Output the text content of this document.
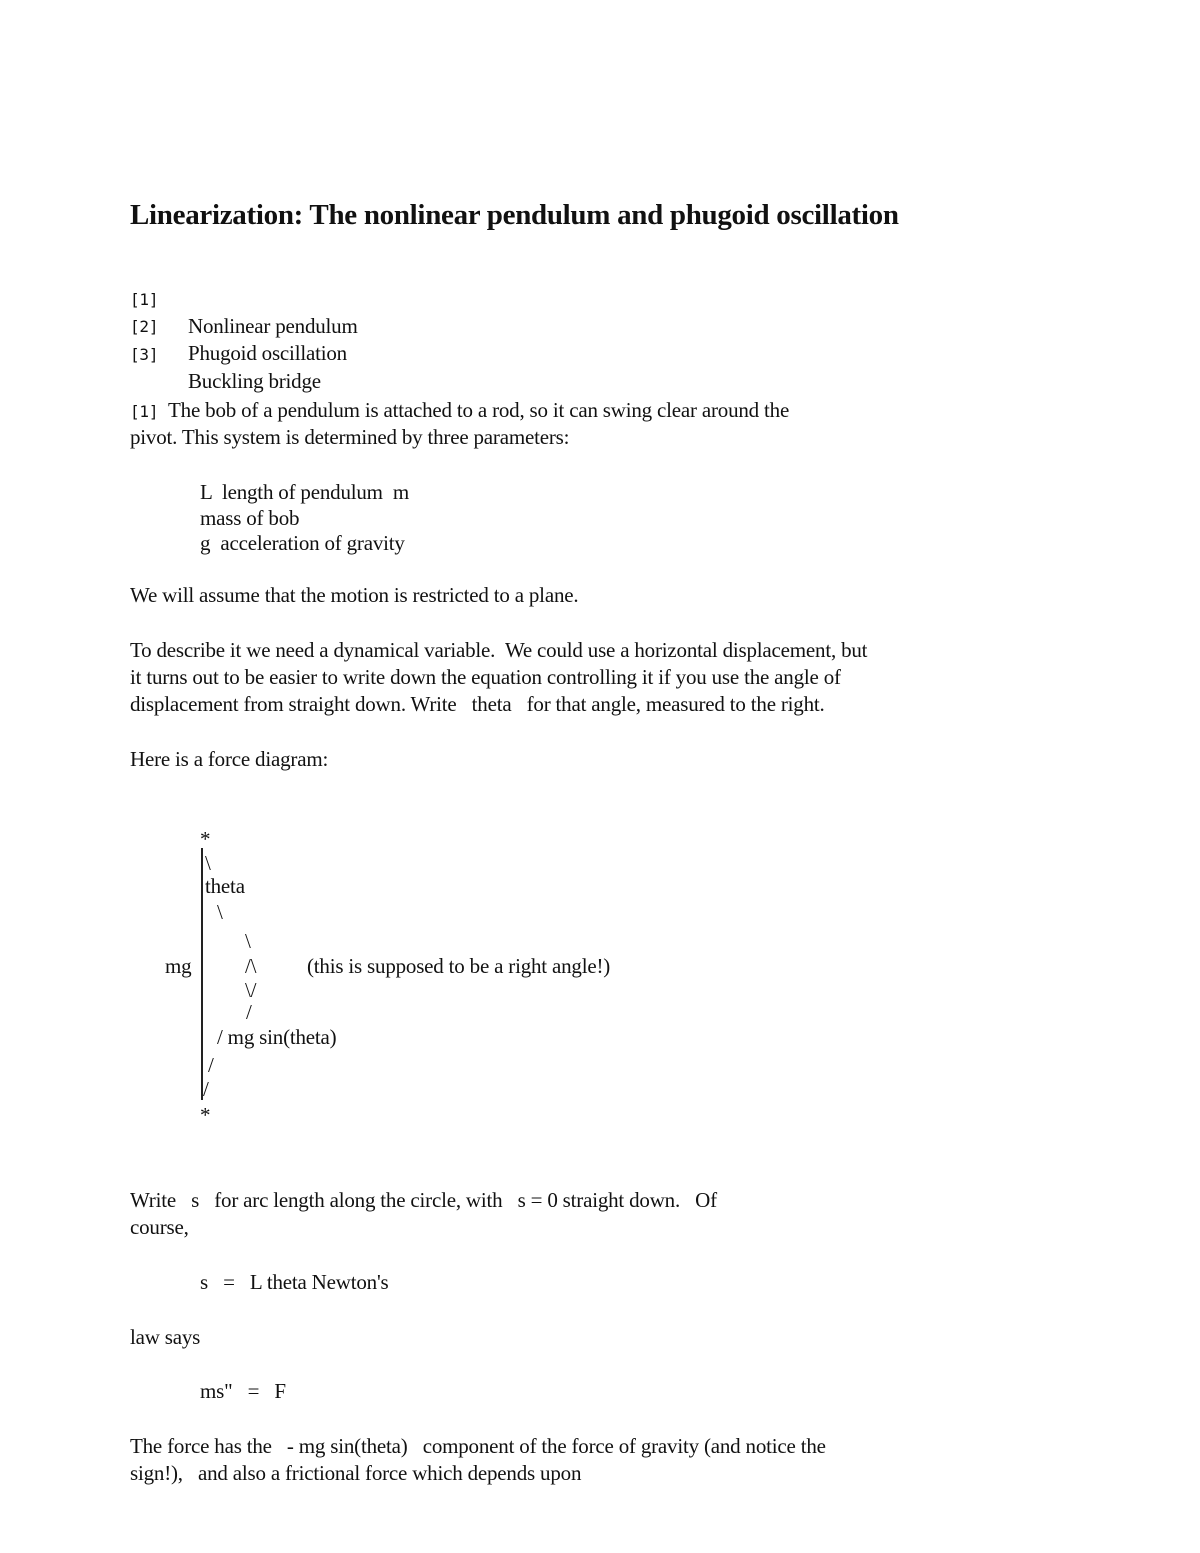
Linearization: The nonlinear pendulum and phugoid oscillation

[1]

Nonlinear pendulum

[2]

Phugoid oscillation

[3]

Buckling bridge

[1] The bob of a pendulum is attached to a rod, so it can swing clear around the
pivot. This system is determined by three parameters:
L  length of pendulum  m
mass of bob
g  acceleration of gravity
We will assume that the motion is restricted to a plane.
To describe it we need a dynamical variable.  We could use a horizontal displacement, but
it turns out to be easier to write down the equation controlling it if you use the angle of
displacement from straight down. Write   theta   for that angle, measured to the right.
Here is a force diagram:
*
\
theta
\
\
mg	/\ (this is supposed to be a right angle!)
\/
/
/ mg sin(theta)
/
/
*
Write   s   for arc length along the circle, with   s = 0 straight down.   Of
course,
s   =   L theta Newton's
law says
ms"   =   F
The force has the   - mg sin(theta)   component of the force of gravity (and notice the
sign!),   and also a frictional force which depends upon
